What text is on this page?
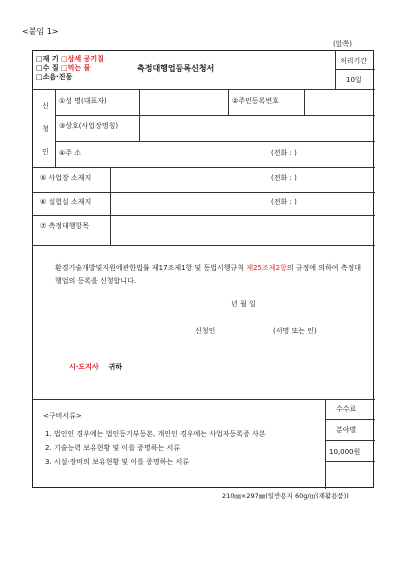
<붙임 1>
(앞쪽)
□재 기 □상세 공기질
□수 질 □먹는 물
□소음·진동
측정대행업등록신청서
처리기간
10일
신
청
인
①성 명(대표자)	②주민등록번호
③상호(사업장명칭)
④주 소	(전화 : )
⑤ 사업장 소재지	(전화 : )
⑥ 실험실 소재지	(전화 : )
⑦ 측정대행항목
환경기술개발및지원에관한법률 제17조제1항 및 동법시행규칙 제25조제2항의 규정에 의하여 측정대행업의 등록을 신청합니다.
년 월 일
신청인	(서명 또는 인)
시·도지사 귀하
<구비서류>
1. 법인인 경우에는 법인등기부등본, 개인인 경우에는 사업자등록증 사본
2. 기술능력 보유현황 및 이를 증명하는 서류
3. 시설·장비의 보유현황 및 이를 증명하는 서류
수수료
분야별
10,000원
210㎜×297㎜(일반용지 60g/㎡(재활용품))
